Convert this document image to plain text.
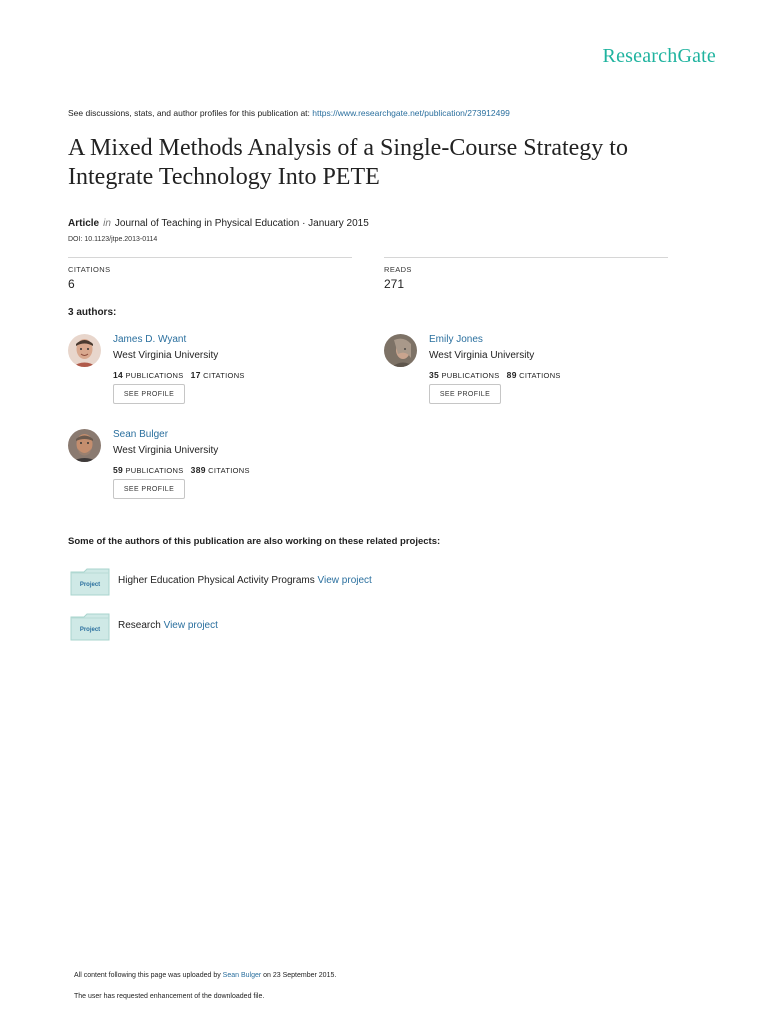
ResearchGate
See discussions, stats, and author profiles for this publication at: https://www.researchgate.net/publication/273912499
A Mixed Methods Analysis of a Single-Course Strategy to Integrate Technology Into PETE
Article in Journal of Teaching in Physical Education · January 2015
DOI: 10.1123/jtpe.2013-0114
CITATIONS
6
READS
271
3 authors:
James D. Wyant
West Virginia University
14 PUBLICATIONS 17 CITATIONS
SEE PROFILE
Emily Jones
West Virginia University
35 PUBLICATIONS 89 CITATIONS
SEE PROFILE
Sean Bulger
West Virginia University
59 PUBLICATIONS 389 CITATIONS
SEE PROFILE
Some of the authors of this publication are also working on these related projects:
Project Higher Education Physical Activity Programs View project
Project Research View project
All content following this page was uploaded by Sean Bulger on 23 September 2015.
The user has requested enhancement of the downloaded file.
